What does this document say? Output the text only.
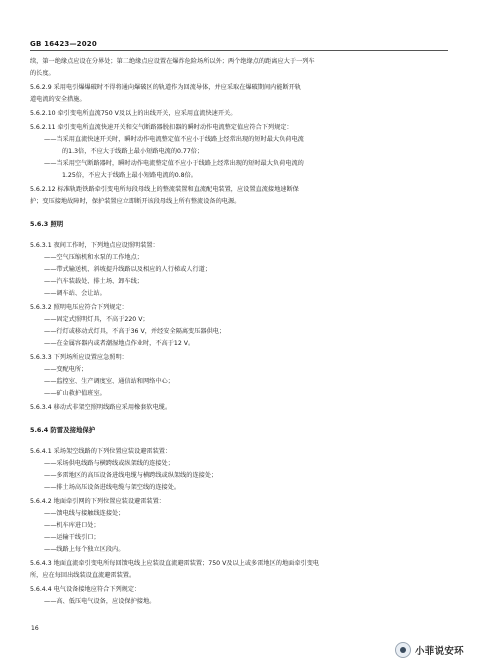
GB 16423—2020
续，第一绝缘点应设在分界处；第二绝缘点应设置在爆炸危险场所以外；两个绝缘点的距离应大于一列车
的长度。
5.6.2.9 采用电引爆爆破时不得将通向爆破区的轨道作为回流导体，并应采取在爆破期间内能断开轨
道电流的安全措施。
5.6.2.10 牵引变电所直流750 V及以上的出线开关，应采用直流快速开关。
5.6.2.11 牵引变电所直流快速开关和交气断路器脱扣器的瞬时动作电流整定值应符合下列规定：
——当采用直流快速开关时，瞬时动作电流整定值不应小于线路上经常出现的短时最大负荷电流
的1.3倍，不应大于线路上最小短路电流的0.77倍；
——当采用空气断路器时，瞬时动作电流整定值不应小于线路上经常出现的短时最大负荷电流的
1.25倍，不应大于线路上最小短路电流的0.8倍。
5.6.2.12 标准轨距铁路牵引变电所每段母线上的整流装置和直流配电装置，应设置直流接地速断保
护；变压接地故障时，保护装置应立即断开该段母线上所有整流设备的电源。
5.6.3 照明
5.6.3.1 夜间工作时，下列地点应设照明装置：
——空气压缩机和水泵的工作地点；
——带式输送机、斜坡提升线路以及相应的人行梯或人行道；
——汽车装载处、排土场、卸车线；
——调车站、会让站。
5.6.3.2 照明电压应符合下列规定：
——固定式照明灯具，不高于220 V；
——行灯或移动式灯具，不高于36 V，并经安全隔离变压器供电；
——在金属容器内或者潮湿地点作业时，不高于12 V。
5.6.3.3 下列场所应设置应急照明：
——变配电所；
——监控室、生产调度室、通信站和网络中心；
——矿山救护值班室。
5.6.3.4 移动式非架空照明线路应采用橡套软电缆。
5.6.4 防雷及接地保护
5.6.4.1 采场架空线路的下列位置应装设避雷装置：
——采场供电线路与横跨线或纵架线的连接处；
——多雷地区的高压设备进线电缆与横跨线或纵架线的连接处；
——排土场高压设备进线电缆与架空线的连接处。
5.6.4.2 地面牵引网的下列位置应装设避雷装置：
——馈电线与接触线连接处；
——机车库进口处；
——运输干线引口；
——线路上每个独立区段内。
5.6.4.3 地面直流牵引变电所每回馈电线上应装设直流避雷装置；750 V及以上或多雷地区的地面牵引变电
所，应在每回出线装设直流避雷装置。
5.6.4.4 电气设备接地应符合下列规定：
——高、低压电气设备，应设保护接地。
16
小菲说安环
